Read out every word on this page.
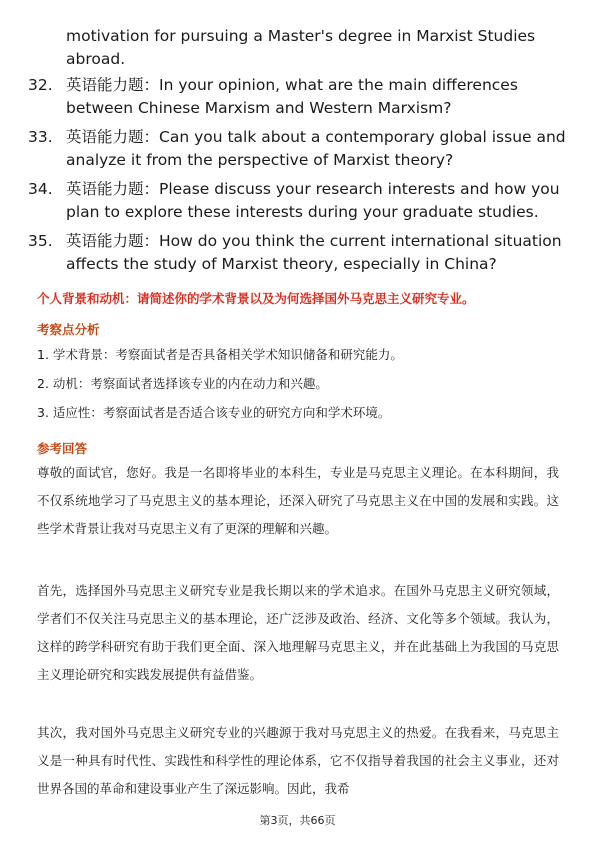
motivation for pursuing a Master's degree in Marxist Studies abroad.
32. 英语能力题：In your opinion, what are the main differences between Chinese Marxism and Western Marxism?
33. 英语能力题：Can you talk about a contemporary global issue and analyze it from the perspective of Marxist theory?
34. 英语能力题：Please discuss your research interests and how you plan to explore these interests during your graduate studies.
35. 英语能力题：How do you think the current international situation affects the study of Marxist theory, especially in China?
个人背景和动机：请简述你的学术背景以及为何选择国外马克思主义研究专业。
考察点分析
1. 学术背景：考察面试者是否具备相关学术知识储备和研究能力。
2. 动机：考察面试者选择该专业的内在动力和兴趣。
3. 适应性：考察面试者是否适合该专业的研究方向和学术环境。
参考回答
尊敬的面试官，您好。我是一名即将毕业的本科生，专业是马克思主义理论。在本科期间，我不仅系统地学习了马克思主义的基本理论，还深入研究了马克思主义在中国的发展和实践。这些学术背景让我对马克思主义有了更深的理解和兴趣。
首先，选择国外马克思主义研究专业是我长期以来的学术追求。在国外马克思主义研究领域，学者们不仅关注马克思主义的基本理论，还广泛涉及政治、经济、文化等多个领域。我认为，这样的跨学科研究有助于我们更全面、深入地理解马克思主义，并在此基础上为我国的马克思主义理论研究和实践发展提供有益借鉴。
其次，我对国外马克思主义研究专业的兴趣源于我对马克思主义的热爱。在我看来，马克思主义是一种具有时代性、实践性和科学性的理论体系，它不仅指导着我国的社会主义事业，还对世界各国的革命和建设事业产生了深远影响。因此，我希
第3页，共66页
